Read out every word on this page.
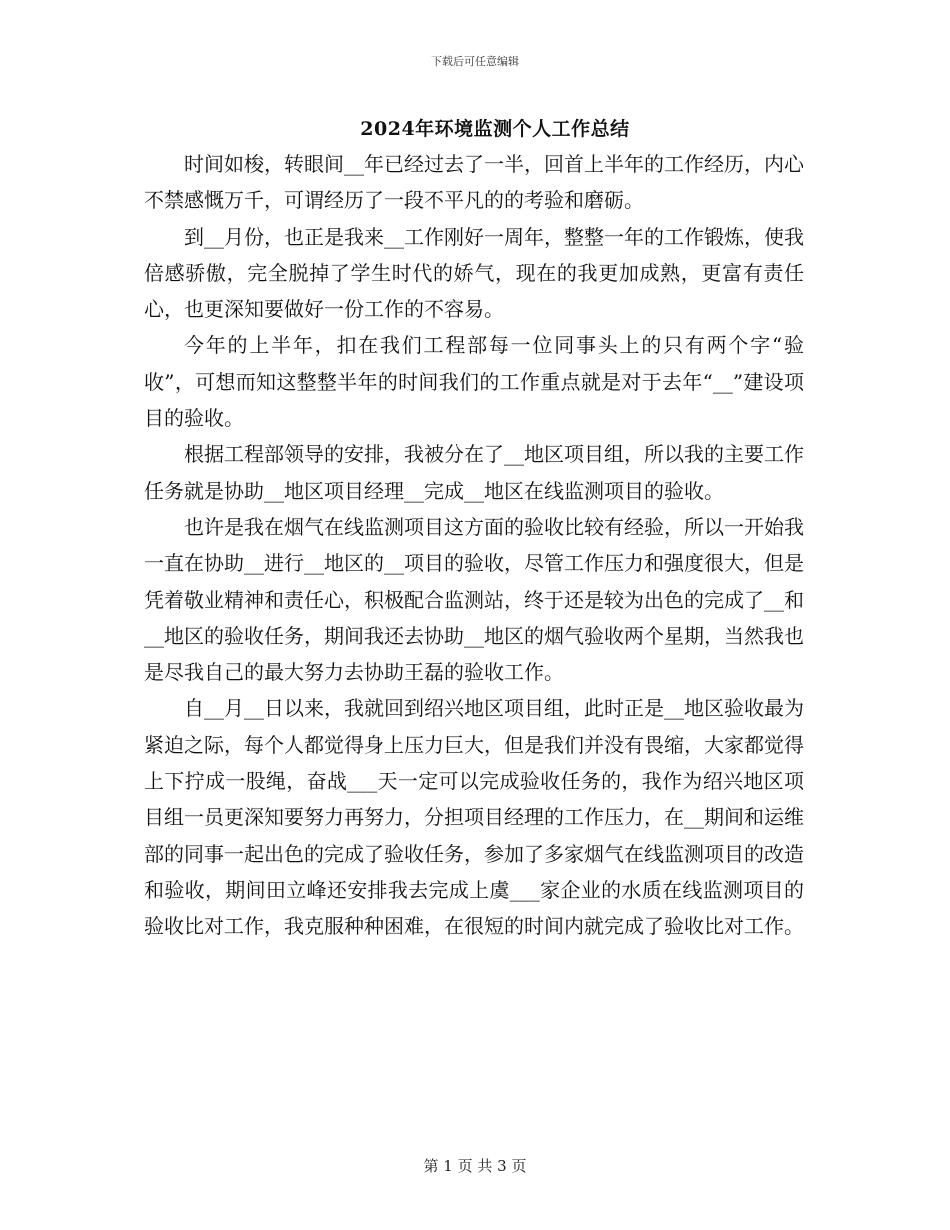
下载后可任意编辑
2024年环境监测个人工作总结

时间如梭，转眼间__年已经过去了一半，回首上半年的工作经历，内心不禁感慨万千，可谓经历了一段不平凡的的考验和磨砺。

到__月份，也正是我来__工作刚好一周年，整整一年的工作锻炼，使我倍感骄傲，完全脱掉了学生时代的娇气，现在的我更加成熟，更富有责任心，也更深知要做好一份工作的不容易。

今年的上半年，扣在我们工程部每一位同事头上的只有两个字“验收”，可想而知这整整半年的时间我们的工作重点就是对于去年“__”建设项目的验收。

根据工程部领导的安排，我被分在了__地区项目组，所以我的主要工作任务就是协助__地区项目经理__完成__地区在线监测项目的验收。

也许是我在烟气在线监测项目这方面的验收比较有经验，所以一开始我一直在协助__进行__地区的__项目的验收，尽管工作压力和强度很大，但是凭着敬业精神和责任心，积极配合监测站，终于还是较为出色的完成了__和__地区的验收任务，期间我还去协助__地区的烟气验收两个星期，当然我也是尽我自己的最大努力去协助王磊的验收工作。

自__月__日以来，我就回到绍兴地区项目组，此时正是__地区验收最为紧迫之际，每个人都觉得身上压力巨大，但是我们并没有畏缩，大家都觉得上下拧成一股绳，奋战___天一定可以完成验收任务的，我作为绍兴地区项目组一员更深知要努力再努力，分担项目经理的工作压力，在__期间和运维部的同事一起出色的完成了验收任务，参加了多家烟气在线监测项目的改造和验收，期间田立峰还安排我去完成上虞___家企业的水质在线监测项目的验收比对工作，我克服种种困难，在很短的时间内就完成了验收比对工作。

第 1 页 共 3 页
